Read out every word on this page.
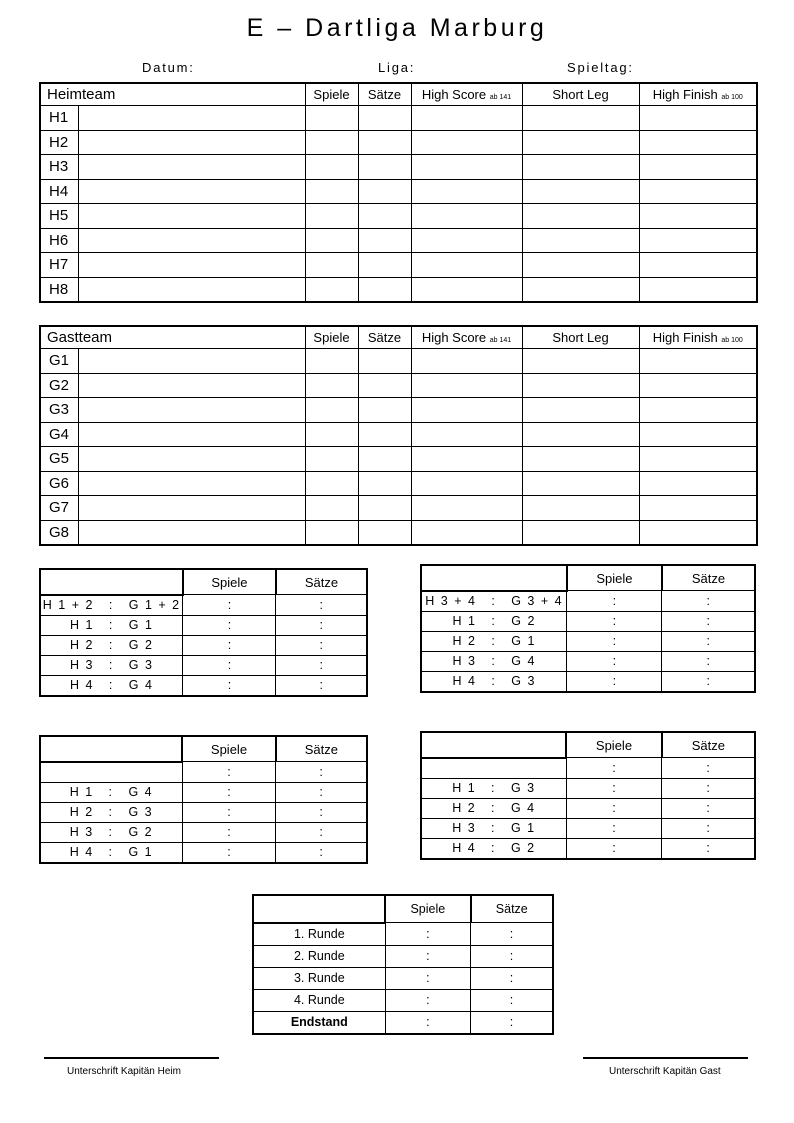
E – Dartliga Marburg
Datum:	Liga:	Spieltag:
Heimteam		Spiele	Sätze	High Score ab 141	Short Leg	High Finish ab 100
H1						
H2						
H3						
H4						
H5						
H6						
H7						
H8						
Gastteam		Spiele	Sätze	High Score ab 141	Short Leg	High Finish ab 100
G1						
G2						
G3						
G4						
G5						
G6						
G7						
G8						
	Spiele	Sätze
H 1 + 2   :   G 1 + 2	:	:
H 1   :   G 1	:	:
H 2   :   G 2	:	:
H 3   :   G 3	:	:
H 4   :   G 4	:	:
	Spiele	Sätze
H 3 + 4   :   G 3 + 4	:	:
H 1   :   G 2	:	:
H 2   :   G 1	:	:
H 3   :   G 4	:	:
H 4   :   G 3	:	:
	Spiele	Sätze
	:	:
H 1   :   G 4	:	:
H 2   :   G 3	:	:
H 3   :   G 2	:	:
H 4   :   G 1	:	:
	Spiele	Sätze
	:	:
H 1   :   G 3	:	:
H 2   :   G 4	:	:
H 3   :   G 1	:	:
H 4   :   G 2	:	:
	Spiele	Sätze
1. Runde	:	:
2. Runde	:	:
3. Runde	:	:
4. Runde	:	:
Endstand	:	:
Unterschrift Kapitän Heim	Unterschrift Kapitän Gast
